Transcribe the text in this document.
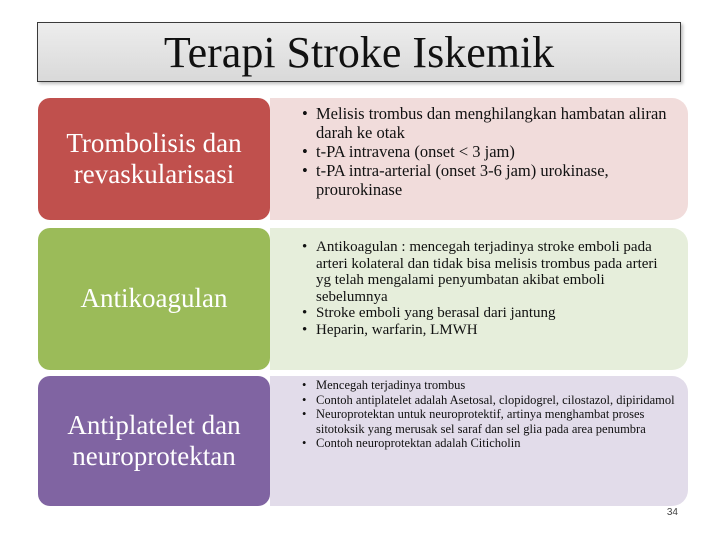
Terapi Stroke Iskemik
Trombolisis dan revaskularisasi
• Melisis trombus dan menghilangkan hambatan aliran darah ke otak
• t-PA intravena (onset < 3 jam)
• t-PA intra-arterial (onset 3-6 jam) urokinase, prourokinase
Antikoagulan
• Antikoagulan : mencegah terjadinya stroke emboli pada arteri kolateral dan tidak bisa melisis trombus pada arteri yg telah mengalami penyumbatan akibat emboli sebelumnya
• Stroke emboli yang berasal dari jantung
• Heparin, warfarin, LMWH
Antiplatelet dan neuroprotektan
• Mencegah terjadinya trombus
• Contoh antiplatelet adalah Asetosal, clopidogrel, cilostazol, dipiridamol
• Neuroprotektan untuk neuroprotektif, artinya menghambat proses sitotoksik yang merusak sel saraf dan sel glia pada area penumbra
• Contoh neuroprotektan adalah Citicholin
34
